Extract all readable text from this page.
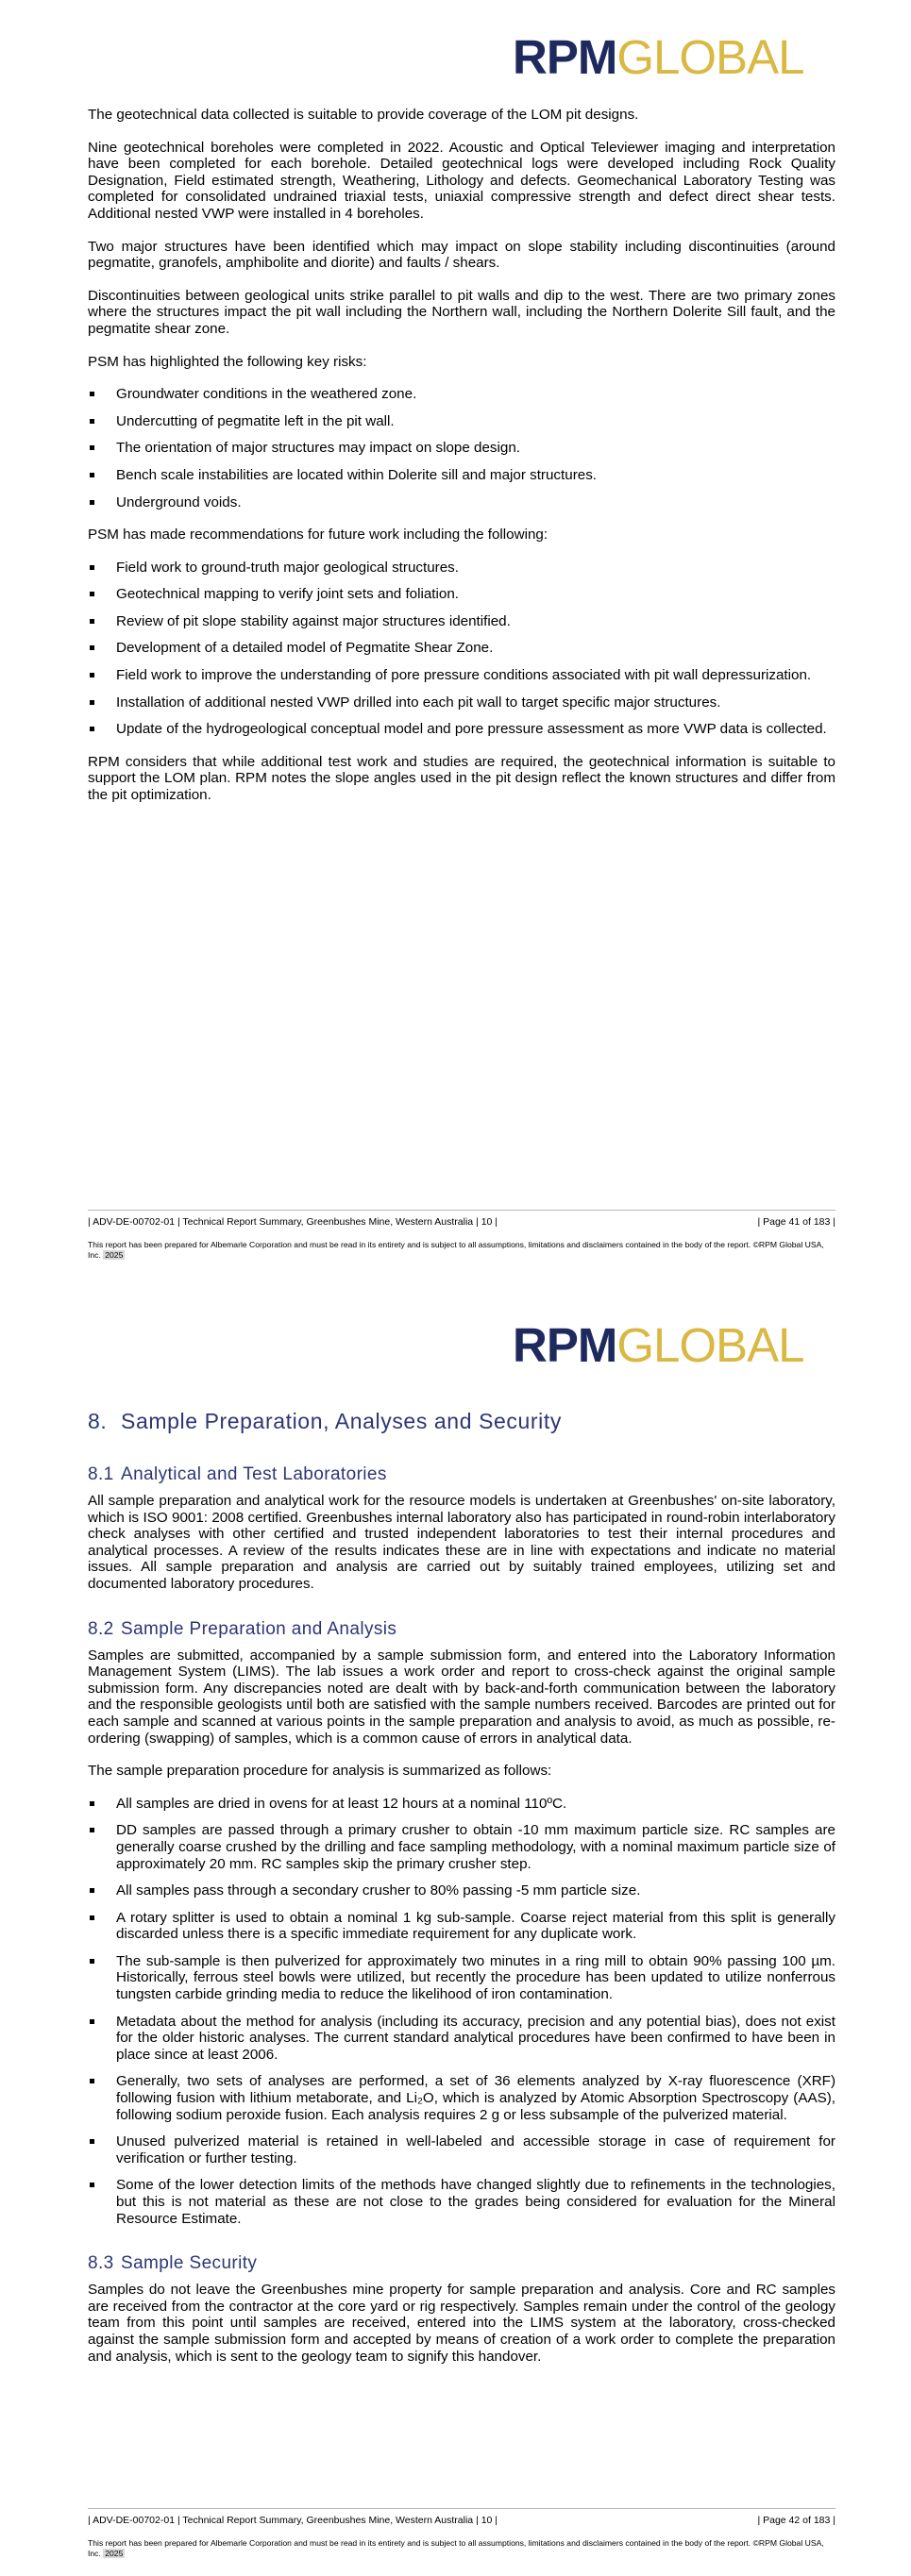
RPMGLOBAL

The geotechnical data collected is suitable to provide coverage of the LOM pit designs.

Nine geotechnical boreholes were completed in 2022. Acoustic and Optical Televiewer imaging and interpretation have been completed for each borehole. Detailed geotechnical logs were developed including Rock Quality Designation, Field estimated strength, Weathering, Lithology and defects. Geomechanical Laboratory Testing was completed for consolidated undrained triaxial tests, uniaxial compressive strength and defect direct shear tests. Additional nested VWP were installed in 4 boreholes.

Two major structures have been identified which may impact on slope stability including discontinuities (around pegmatite, granofels, amphibolite and diorite) and faults / shears.

Discontinuities between geological units strike parallel to pit walls and dip to the west. There are two primary zones where the structures impact the pit wall including the Northern wall, including the Northern Dolerite Sill fault, and the pegmatite shear zone.

PSM has highlighted the following key risks:

Groundwater conditions in the weathered zone.
Undercutting of pegmatite left in the pit wall.
The orientation of major structures may impact on slope design.
Bench scale instabilities are located within Dolerite sill and major structures.
Underground voids.

PSM has made recommendations for future work including the following:

Field work to ground-truth major geological structures.
Geotechnical mapping to verify joint sets and foliation.
Review of pit slope stability against major structures identified.
Development of a detailed model of Pegmatite Shear Zone.
Field work to improve the understanding of pore pressure conditions associated with pit wall depressurization.
Installation of additional nested VWP drilled into each pit wall to target specific major structures.
Update of the hydrogeological conceptual model and pore pressure assessment as more VWP data is collected.

RPM considers that while additional test work and studies are required, the geotechnical information is suitable to support the LOM plan. RPM notes the slope angles used in the pit design reflect the known structures and differ from the pit optimization.

| ADV-DE-00702-01 | Technical Report Summary, Greenbushes Mine, Western Australia | 10 |	| Page 41 of 183 |
This report has been prepared for Albemarle Corporation and must be read in its entirety and is subject to all assumptions, limitations and disclaimers contained in the body of the report. ©RPM Global USA, Inc. 2025
RPMGLOBAL
8. Sample Preparation, Analyses and Security
8.1 Analytical and Test Laboratories

All sample preparation and analytical work for the resource models is undertaken at Greenbushes' on-site laboratory, which is ISO 9001: 2008 certified. Greenbushes internal laboratory also has participated in round-robin interlaboratory check analyses with other certified and trusted independent laboratories to test their internal procedures and analytical processes. A review of the results indicates these are in line with expectations and indicate no material issues. All sample preparation and analysis are carried out by suitably trained employees, utilizing set and documented laboratory procedures.

8.2 Sample Preparation and Analysis

Samples are submitted, accompanied by a sample submission form, and entered into the Laboratory Information Management System (LIMS). The lab issues a work order and report to cross-check against the original sample submission form. Any discrepancies noted are dealt with by back-and-forth communication between the laboratory and the responsible geologists until both are satisfied with the sample numbers received. Barcodes are printed out for each sample and scanned at various points in the sample preparation and analysis to avoid, as much as possible, re-ordering (swapping) of samples, which is a common cause of errors in analytical data.

The sample preparation procedure for analysis is summarized as follows:

All samples are dried in ovens for at least 12 hours at a nominal 110ºC.
DD samples are passed through a primary crusher to obtain -10 mm maximum particle size. RC samples are generally coarse crushed by the drilling and face sampling methodology, with a nominal maximum particle size of approximately 20 mm. RC samples skip the primary crusher step.
All samples pass through a secondary crusher to 80% passing -5 mm particle size.
A rotary splitter is used to obtain a nominal 1 kg sub-sample. Coarse reject material from this split is generally discarded unless there is a specific immediate requirement for any duplicate work.
The sub-sample is then pulverized for approximately two minutes in a ring mill to obtain 90% passing 100 µm. Historically, ferrous steel bowls were utilized, but recently the procedure has been updated to utilize nonferrous tungsten carbide grinding media to reduce the likelihood of iron contamination.
Metadata about the method for analysis (including its accuracy, precision and any potential bias), does not exist for the older historic analyses. The current standard analytical procedures have been confirmed to have been in place since at least 2006.
Generally, two sets of analyses are performed, a set of 36 elements analyzed by X-ray fluorescence (XRF) following fusion with lithium metaborate, and Li₂O, which is analyzed by Atomic Absorption Spectroscopy (AAS), following sodium peroxide fusion. Each analysis requires 2 g or less subsample of the pulverized material.
Unused pulverized material is retained in well-labeled and accessible storage in case of requirement for verification or further testing.
Some of the lower detection limits of the methods have changed slightly due to refinements in the technologies, but this is not material as these are not close to the grades being considered for evaluation for the Mineral Resource Estimate.
8.3 Sample Security

Samples do not leave the Greenbushes mine property for sample preparation and analysis. Core and RC samples are received from the contractor at the core yard or rig respectively. Samples remain under the control of the geology team from this point until samples are received, entered into the LIMS system at the laboratory, cross-checked against the sample submission form and accepted by means of creation of a work order to complete the preparation and analysis, which is sent to the geology team to signify this handover.

| ADV-DE-00702-01 | Technical Report Summary, Greenbushes Mine, Western Australia | 10 |	| Page 42 of 183 |
This report has been prepared for Albemarle Corporation and must be read in its entirety and is subject to all assumptions, limitations and disclaimers contained in the body of the report. ©RPM Global USA, Inc. 2025
